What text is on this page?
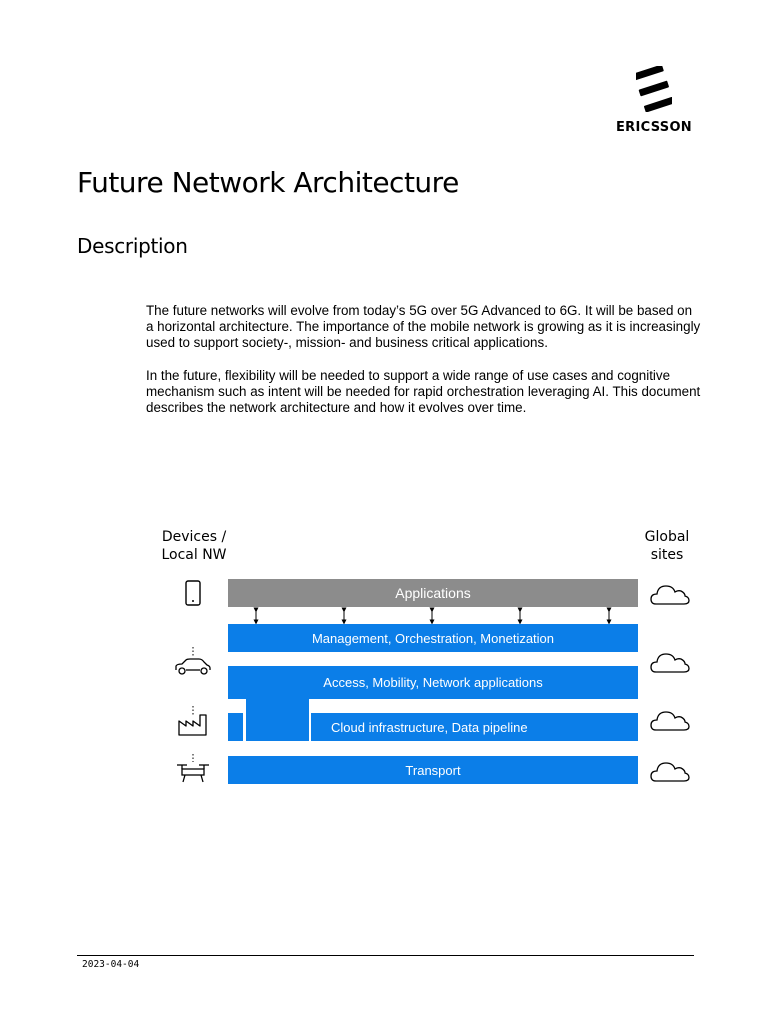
ERICSSON
Future Network Architecture
Description

The future networks will evolve from today’s 5G over 5G Advanced to 6G. It will be based on a horizontal architecture. The importance of the mobile network is growing as it is increasingly used to support society-, mission- and business critical applications.

In the future, flexibility will be needed to support a wide range of use cases and cognitive mechanism such as intent will be needed for rapid orchestration leveraging AI. This document describes the network architecture and how it evolves over time.

Devices / Local NW
Global sites
Applications
Management, Orchestration, Monetization
Access, Mobility, Network applications
Cloud infrastructure, Data pipeline
Transport
2023-04-04
